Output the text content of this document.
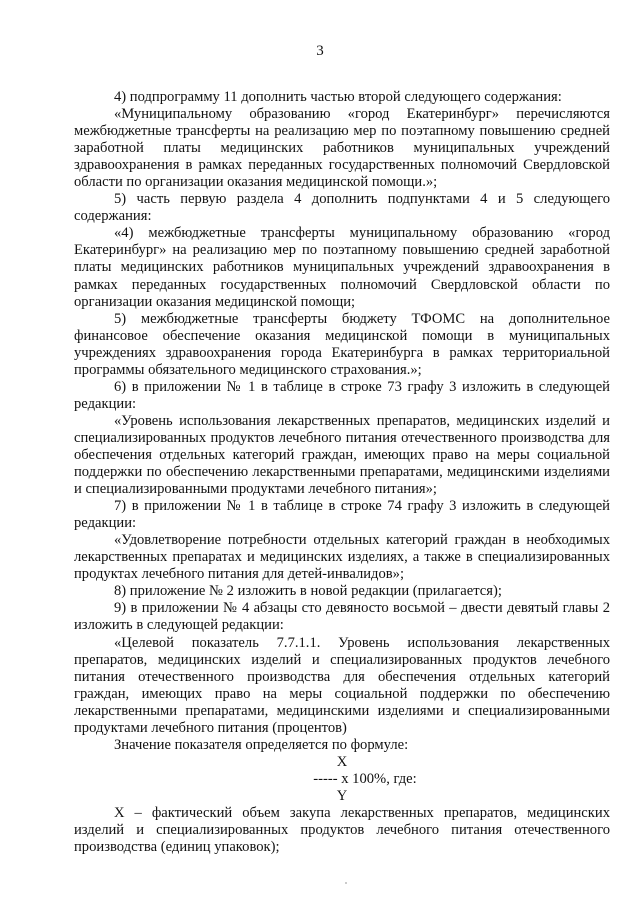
3

4) подпрограмму 11 дополнить частью второй следующего содержания:

«Муниципальному образованию «город Екатеринбург» перечисляются межбюджетные трансферты на реализацию мер по поэтапному повышению средней заработной платы медицинских работников муниципальных учреждений здравоохранения в рамках переданных государственных полномочий Свердловской области по организации оказания медицинской помощи.»;

5) часть первую раздела 4 дополнить подпунктами 4 и 5 следующего содержания:

«4) межбюджетные трансферты муниципальному образованию «город Екатеринбург» на реализацию мер по поэтапному повышению средней заработной платы медицинских работников муниципальных учреждений здравоохранения в рамках переданных государственных полномочий Свердловской области по организации оказания медицинской помощи;

5) межбюджетные трансферты бюджету ТФОМС на дополнительное финансовое обеспечение оказания медицинской помощи в муниципальных учреждениях здравоохранения города Екатеринбурга в рамках территориальной программы обязательного медицинского страхования.»;

6) в приложении № 1 в таблице в строке 73 графу 3 изложить в следующей редакции:

«Уровень использования лекарственных препаратов, медицинских изделий и специализированных продуктов лечебного питания отечественного производства для обеспечения отдельных категорий граждан, имеющих право на меры социальной поддержки по обеспечению лекарственными препаратами, медицинскими изделиями и специализированными продуктами лечебного питания»;

7) в приложении № 1 в таблице в строке 74 графу 3 изложить в следующей редакции:

«Удовлетворение потребности отдельных категорий граждан в необходимых лекарственных препаратах и медицинских изделиях, а также в специализированных продуктах лечебного питания для детей-инвалидов»;

8) приложение № 2 изложить в новой редакции (прилагается);

9) в приложении № 4 абзацы сто девяносто восьмой – двести девятый главы 2 изложить в следующей редакции:

«Целевой показатель 7.7.1.1. Уровень использования лекарственных препаратов, медицинских изделий и специализированных продуктов лечебного питания отечественного производства для обеспечения отдельных категорий граждан, имеющих право на меры социальной поддержки по обеспечению лекарственными препаратами, медицинскими изделиями и специализированными продуктами лечебного питания (процентов)

Значение показателя определяется по формуле:

X
----- x 100%, где:
Y

X – фактический объем закупа лекарственных препаратов, медицинских изделий и специализированных продуктов лечебного питания отечественного производства (единиц упаковок);
